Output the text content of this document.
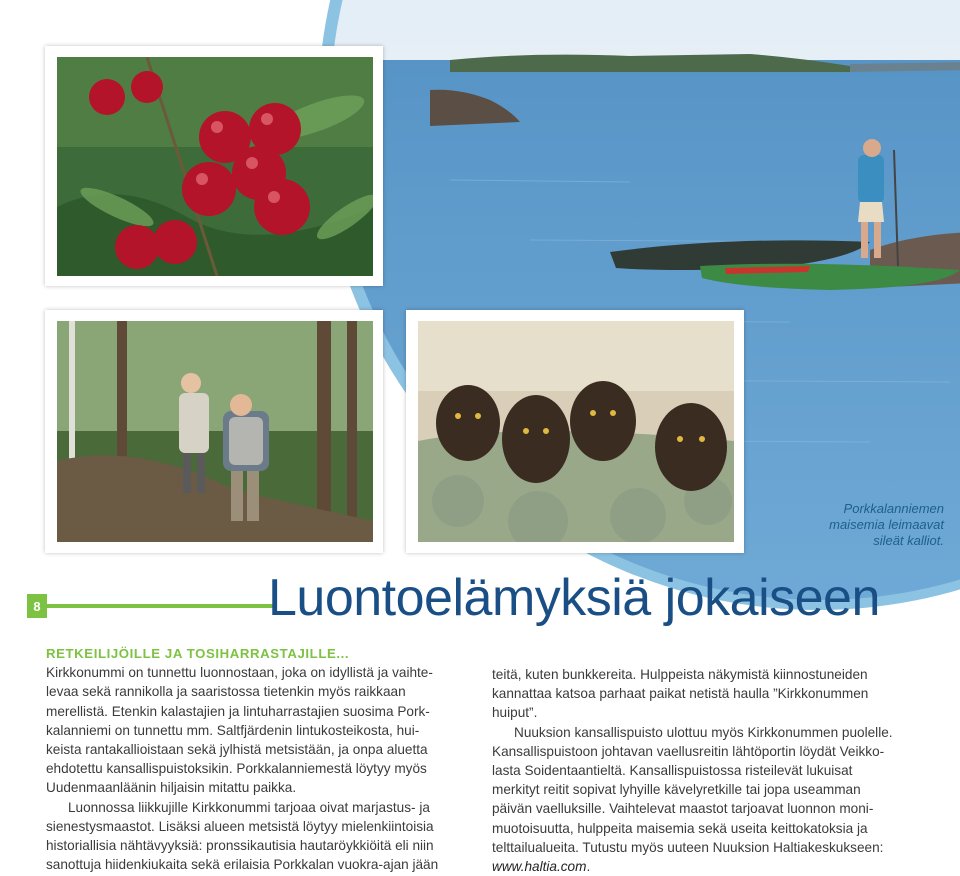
Porkkalanniemen
maisemia leimaavat
sileät kalliot.
8	Luontoelämyksiä jokaiseen
RETKEILIJÖILLE JA TOSIHARRASTAJILLE...
Kirkkonummi on tunnettu luonnostaan, joka on idyllistä ja vaihte-
levaa sekä rannikolla ja saaristossa tietenkin myös raikkaan
merellistä. Etenkin kalastajien ja lintuharrastajien suosima Pork-
kalanniemi on tunnettu mm. Saltfjärdenin lintukosteikosta, hui-
keista rantakallioistaan sekä jylhistä metsistään, ja onpa aluetta
ehdotettu kansallispuistoksikin. Porkkalanniemestä löytyy myös
Uudenmaanläänin hiljaisin mitattu paikka.
Luonnossa liikkujille Kirkkonummi tarjoaa oivat marjastus- ja
sienestysmaastot. Lisäksi alueen metsistä löytyy mielenkiintoisia
historiallisia nähtävyyksiä: pronssikautisia hautaröykkiöitä eli niin
sanottuja hiidenkiukaita sekä erilaisia Porkkalan vuokra-ajan jään
teitä, kuten bunkkereita. Hulppeista näkymistä kiinnostuneiden
kannattaa katsoa parhaat paikat netistä haulla ”Kirkkonummen
huiput”.
Nuuksion kansallispuisto ulottuu myös Kirkkonummen puolelle.
Kansallispuistoon johtavan vaellusreitin lähtöportin löydät Veikko-
lasta Soidentaantieltä. Kansallispuistossa risteilevät lukuisat
merkityt reitit sopivat lyhyille kävelyretkille tai jopa useamman
päivän vaelluksille. Vaihtelevat maastot tarjoavat luonnon moni-
muotoisuutta, hulppeita maisemia sekä useita keittokatoksia ja
telttailualueita. Tutustu myös uuteen Nuuksion Haltiakeskukseen:
www.haltia.com.
